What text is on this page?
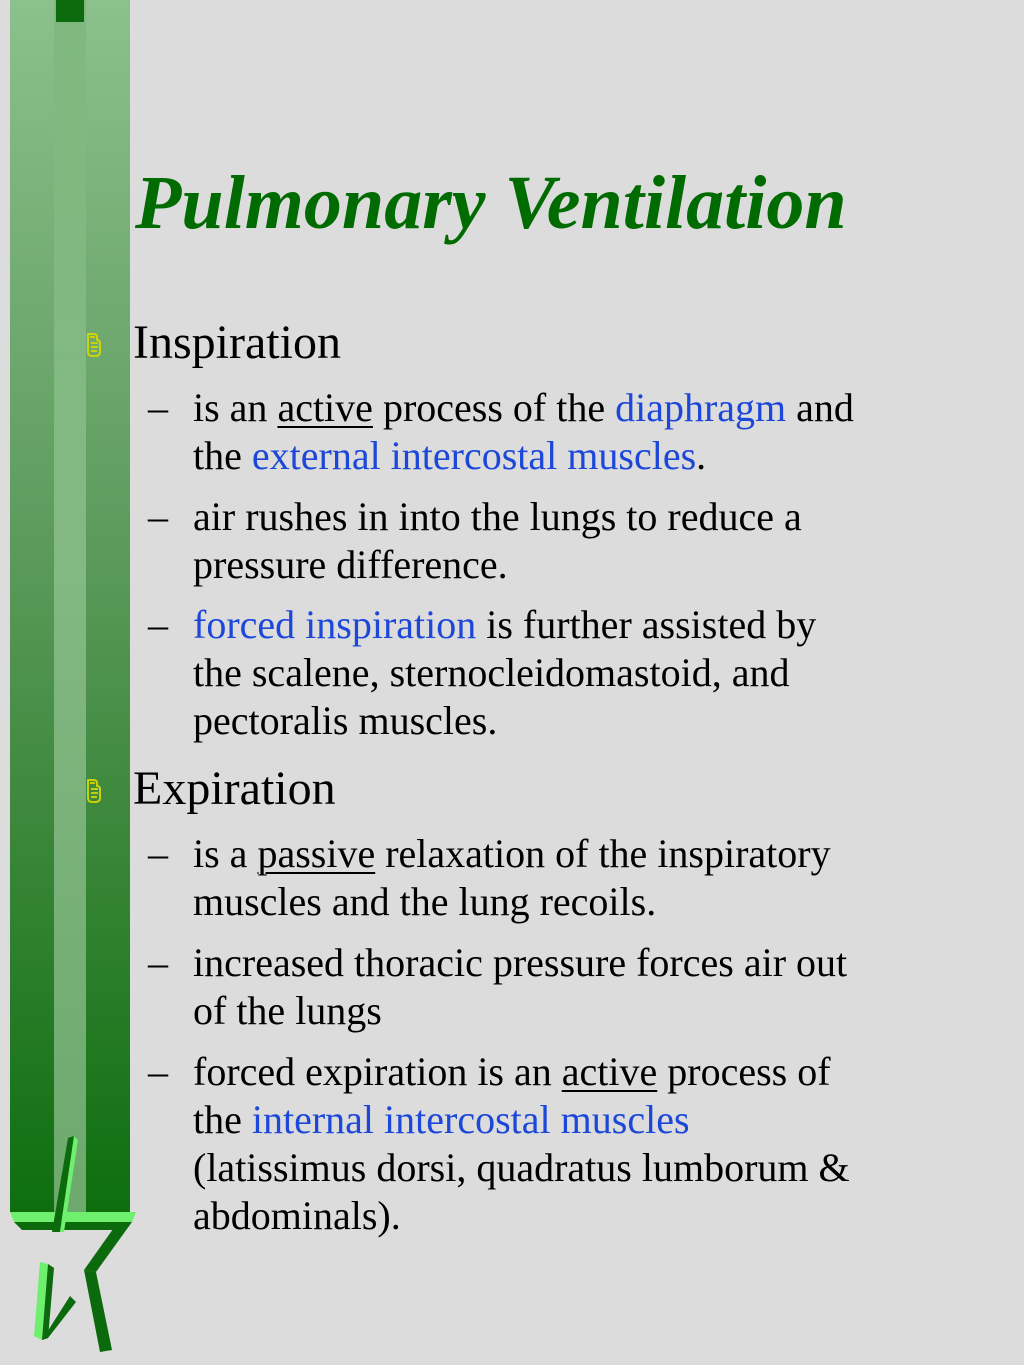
Pulmonary Ventilation
Inspiration
– is an active process of the diaphragm and
the external intercostal muscles.
– air rushes in into the lungs to reduce a
pressure difference.
– forced inspiration is further assisted by
the scalene, sternocleidomastoid, and
pectoralis muscles.
Expiration
– is a passive relaxation of the inspiratory
muscles and the lung recoils.
– increased thoracic pressure forces air out
of the lungs
– forced expiration is an active process of
the internal intercostal muscles
(latissimus dorsi, quadratus lumborum &
abdominals).
